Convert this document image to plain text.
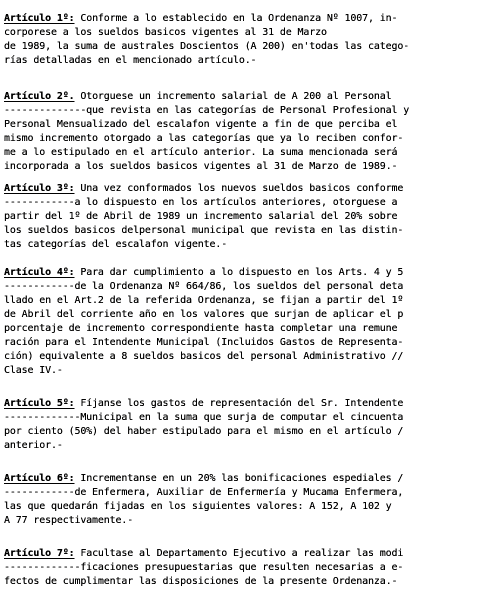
Artículo 1º: Conforme a lo establecido en la Ordenanza Nº 1007, in-
corporese a los sueldos basicos vigentes al 31 de Marzo
de 1989, la suma de australes Doscientos (A 200) en'todas las catego-
rías detalladas en el mencionado artículo.-
Artículo 2º. Otorguese un incremento salarial de A 200 al Personal
--------------que revista en las categorías de Personal Profesional y
Personal Mensualizado del escalafon vigente a fin de que perciba el
mismo incremento otorgado a las categorías que ya lo reciben confor-
me a lo estipulado en el artículo anterior. La suma mencionada será
incorporada a los sueldos basicos vigentes al 31 de Marzo de 1989.-
Artículo 3º: Una vez conformados los nuevos sueldos basicos conforme
------------a lo dispuesto en los artículos anteriores, otorguese a
partir del 1º de Abril de 1989 un incremento salarial del 20% sobre
los sueldos basicos delpersonal municipal que revista en las distin-
tas categorías del escalafon vigente.-
Artículo 4º: Para dar cumplimiento a lo dispuesto en los Arts. 4 y 5
------------de la Ordenanza Nº 664/86, los sueldos del personal deta
llado en el Art.2 de la referida Ordenanza, se fijan a partir del 1º
de Abril del corriente año en los valores que surjan de aplicar el p
porcentaje de incremento correspondiente hasta completar una remune
ración para el Intendente Municipal (Incluidos Gastos de Representa-
ción) equivalente a 8 sueldos basicos del personal Administrativo //
Clase IV.-
Artículo 5º: Fíjanse los gastos de representación del Sr. Intendente
-------------Municipal en la suma que surja de computar el cincuenta
por ciento (50%) del haber estipulado para el mismo en el artículo /
anterior.-
Artículo 6º: Incrementanse en un 20% las bonificaciones espediales /
------------de Enfermera, Auxiliar de Enfermería y Mucama Enfermera,
las que quedarán fijadas en los siguientes valores: A 152, A 102 y
A 77 respectivamente.-
Artículo 7º: Facultase al Departamento Ejecutivo a realizar las modi
-------------ficaciones presupuestarias que resulten necesarias a e-
fectos de cumplimentar las disposiciones de la presente Ordenanza.-
